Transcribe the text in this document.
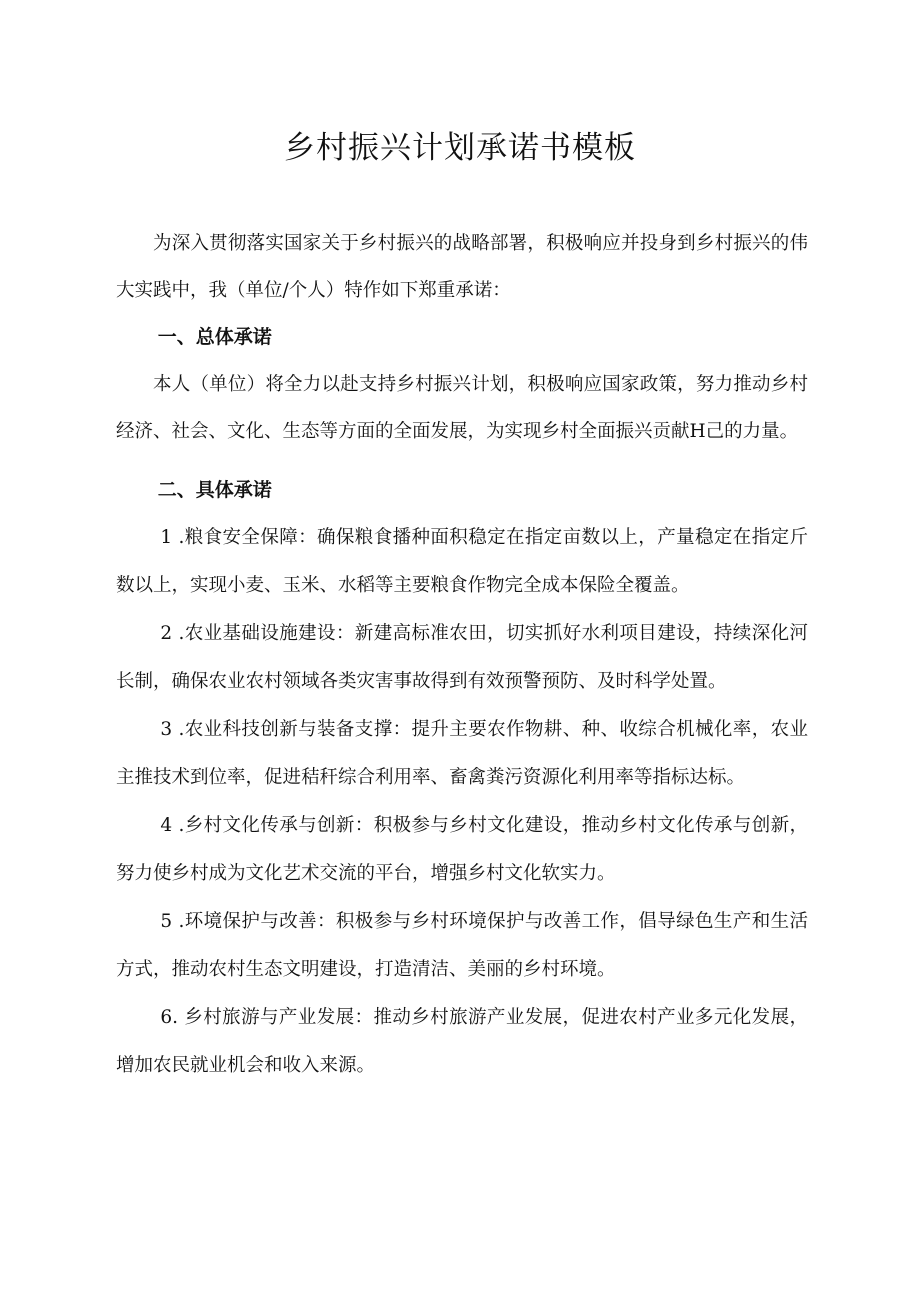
乡村振兴计划承诺书模板

为深入贯彻落实国家关于乡村振兴的战略部署，积极响应并投身到乡村振兴的伟大实践中，我（单位/个人）特作如下郑重承诺：

一、总体承诺

本人（单位）将全力以赴支持乡村振兴计划，积极响应国家政策，努力推动乡村经济、社会、文化、生态等方面的全面发展，为实现乡村全面振兴贡献H己的力量。

二、具体承诺

1 .粮食安全保障：确保粮食播种面积稳定在指定亩数以上，产量稳定在指定斤数以上，实现小麦、玉米、水稻等主要粮食作物完全成本保险全覆盖。

2 .农业基础设施建设：新建高标准农田，切实抓好水利项目建设，持续深化河长制，确保农业农村领域各类灾害事故得到有效预警预防、及时科学处置。

3 .农业科技创新与装备支撑：提升主要农作物耕、种、收综合机械化率，农业主推技术到位率，促进秸秆综合利用率、畜禽粪污资源化利用率等指标达标。

4 .乡村文化传承与创新：积极参与乡村文化建设，推动乡村文化传承与创新，努力使乡村成为文化艺术交流的平台，增强乡村文化软实力。

5 .环境保护与改善：积极参与乡村环境保护与改善工作，倡导绿色生产和生活方式，推动农村生态文明建设，打造清洁、美丽的乡村环境。

6. 乡村旅游与产业发展：推动乡村旅游产业发展，促进农村产业多元化发展，增加农民就业机会和收入来源。
